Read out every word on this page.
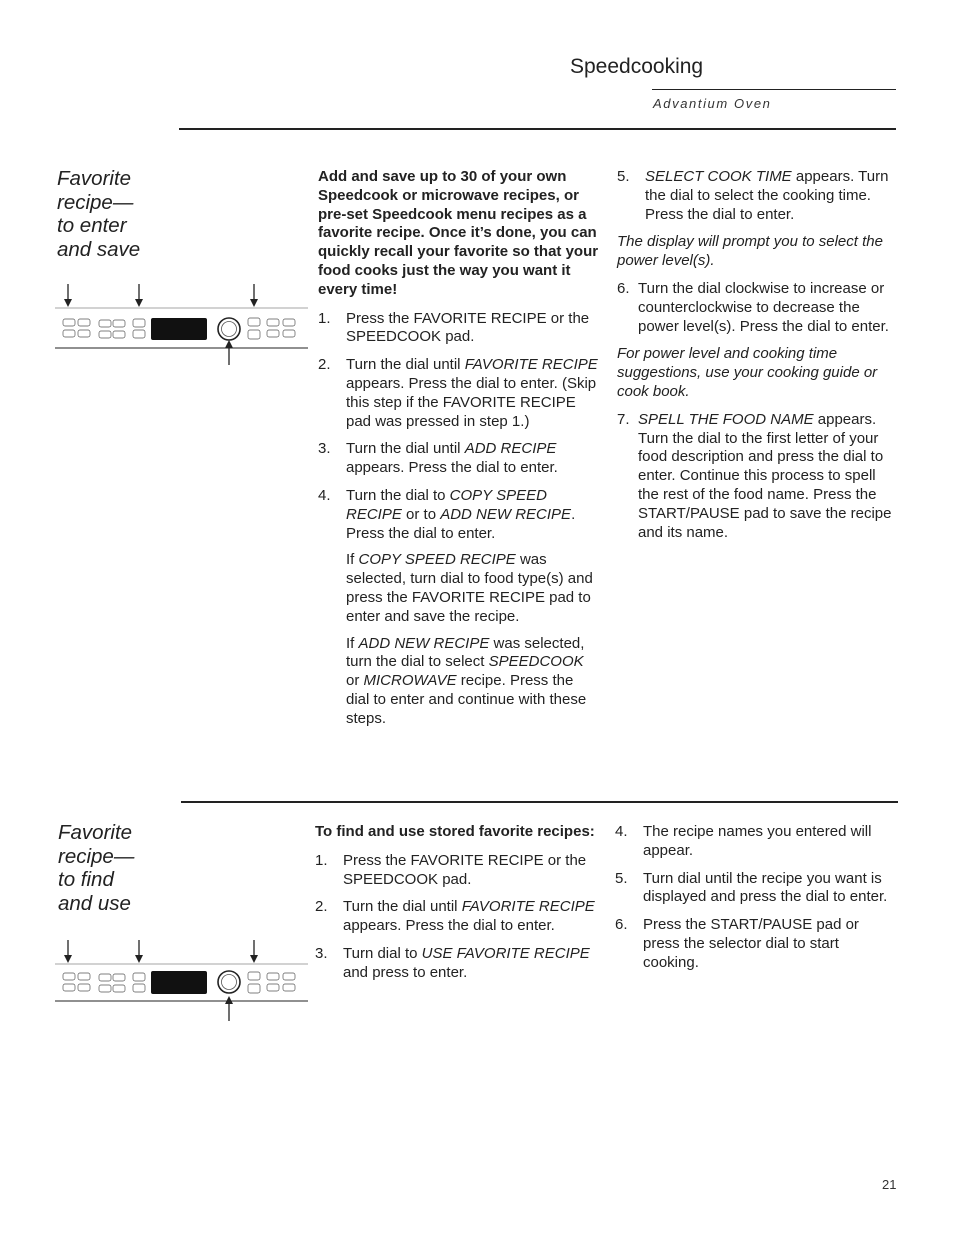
Speedcooking
Advantium Oven
Favorite
recipe—
to enter
and save

Add and save up to 30 of your own Speedcook or microwave recipes, or pre-set Speedcook menu recipes as a favorite recipe. Once it’s done, you can quickly recall your favorite so that your food cooks just the way you want it every time!

1. Press the FAVORITE RECIPE or the SPEEDCOOK pad.
2. Turn the dial until FAVORITE RECIPE appears. Press the dial to enter. (Skip this step if the FAVORITE RECIPE pad was pressed in step 1.)
3. Turn the dial until ADD RECIPE appears. Press the dial to enter.
4. Turn the dial to COPY SPEED RECIPE or to ADD NEW RECIPE. Press the dial to enter.

If COPY SPEED RECIPE was selected, turn dial to food type(s) and press the FAVORITE RECIPE pad to enter and save the recipe.

If ADD NEW RECIPE was selected, turn the dial to select SPEEDCOOK or MICROWAVE recipe. Press the dial to enter and continue with these steps.

5. SELECT COOK TIME appears. Turn the dial to select the cooking time. Press the dial to enter.

The display will prompt you to select the power level(s).

6. Turn the dial clockwise to increase or counterclockwise to decrease the power level(s). Press the dial to enter.

For power level and cooking time suggestions, use your cooking guide or cook book.

7. SPELL THE FOOD NAME appears. Turn the dial to the first letter of your food description and press the dial to enter. Continue this process to spell the rest of the food name. Press the START/PAUSE pad to save the recipe and its name.
Favorite
recipe—
to find
and use

To find and use stored favorite recipes:

1. Press the FAVORITE RECIPE or the SPEEDCOOK pad.
2. Turn the dial until FAVORITE RECIPE appears. Press the dial to enter.
3. Turn dial to USE FAVORITE RECIPE and press to enter.
4. The recipe names you entered will appear.
5. Turn dial until the recipe you want is displayed and press the dial to enter.
6. Press the START/PAUSE pad or press the selector dial to start cooking.
21
